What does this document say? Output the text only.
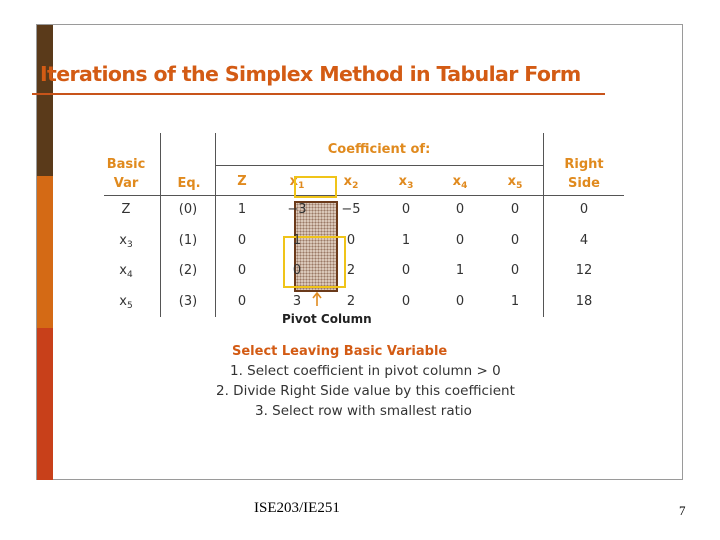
Iterations of the Simplex Method in Tabular Form
Basic
Var	Eq.
Coefficient of:
Right
Side
Z	$x_1$	$x_2$	$x_3$	$x_4$	$x_5$
Z	(0)	1	−3	−5	0	0	0	0
$x_3$	(1)	0	1	0	1	0	0	4
$x_4$	(2)	0	0	2	0	1	0	12
$x_5$	(3)	0	3	2	0	0	1	18
Pivot Column
Select Leaving Basic Variable
1. Select coefficient in pivot column > 0
2. Divide Right Side value by this coefficient
3. Select row with smallest ratio
ISE203/IE251	7
